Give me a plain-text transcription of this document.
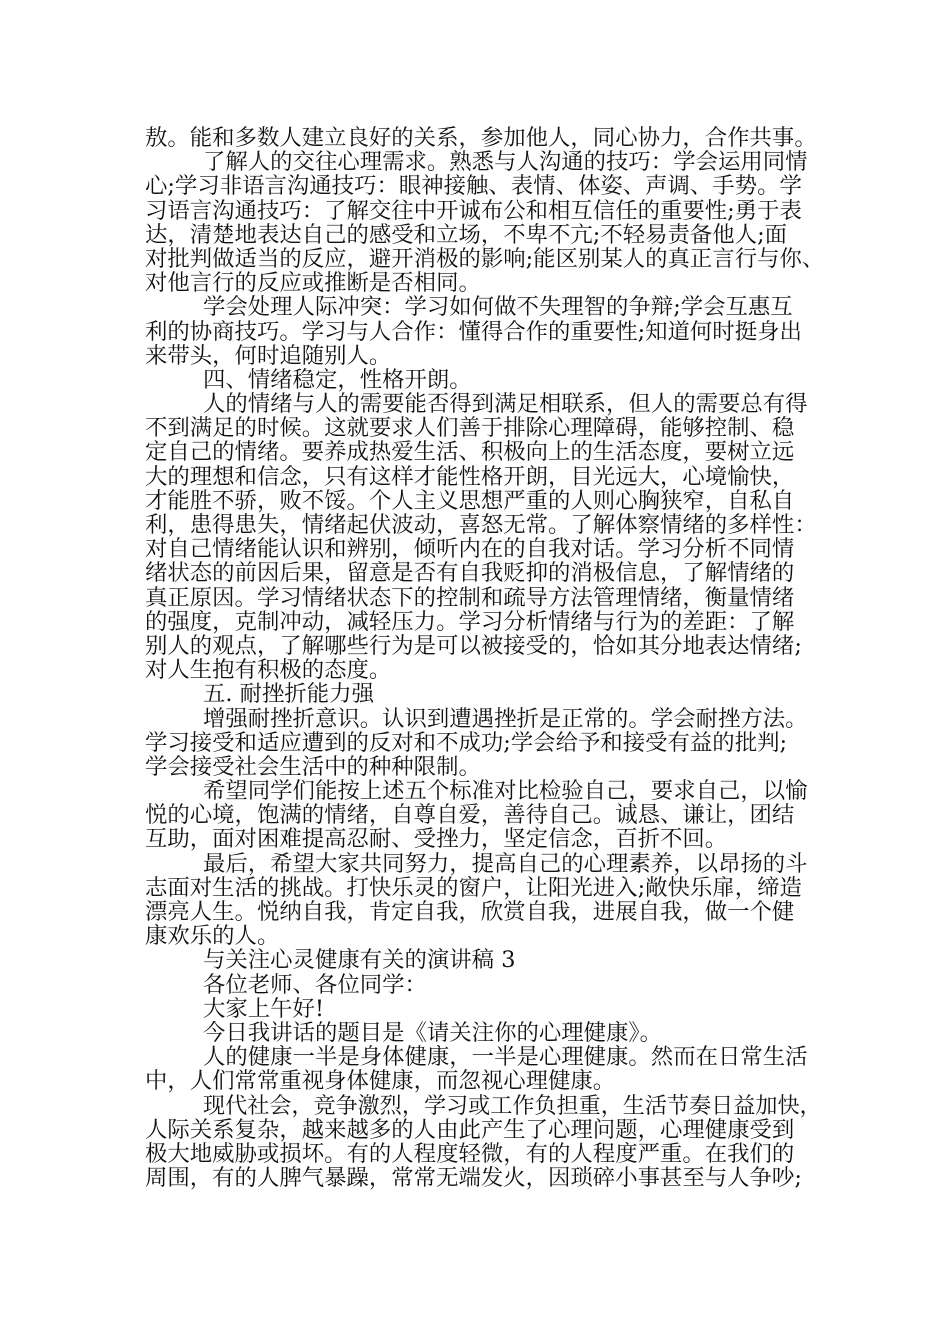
敖。能和多数人建立良好的关系，参加他人，同心协力，合作共事。
了解人的交往心理需求。熟悉与人沟通的技巧：学会运用同情
心;学习非语言沟通技巧：眼神接触、表情、体姿、声调、手势。学
习语言沟通技巧：了解交往中开诚布公和相互信任的重要性;勇于表
达，清楚地表达自己的感受和立场，不卑不亢;不轻易责备他人;面
对批判做适当的反应，避开消极的影响;能区别某人的真正言行与你、
对他言行的反应或推断是否相同。
学会处理人际冲突：学习如何做不失理智的争辩;学会互惠互
利的协商技巧。学习与人合作：懂得合作的重要性;知道何时挺身出
来带头，何时追随别人。
四、情绪稳定，性格开朗。
人的情绪与人的需要能否得到满足相联系，但人的需要总有得
不到满足的时候。这就要求人们善于排除心理障碍，能够控制、稳
定自己的情绪。要养成热爱生活、积极向上的生活态度，要树立远
大的理想和信念，只有这样才能性格开朗，目光远大，心境愉快，
才能胜不骄，败不馁。个人主义思想严重的人则心胸狭窄，自私自
利，患得患失，情绪起伏波动，喜怒无常。了解体察情绪的多样性：
对自己情绪能认识和辨别，倾听内在的自我对话。学习分析不同情
绪状态的前因后果，留意是否有自我贬抑的消极信息，了解情绪的
真正原因。学习情绪状态下的控制和疏导方法管理情绪，衡量情绪
的强度，克制冲动，减轻压力。学习分析情绪与行为的差距：了解
别人的观点，了解哪些行为是可以被接受的，恰如其分地表达情绪;
对人生抱有积极的态度。
五. 耐挫折能力强
增强耐挫折意识。认识到遭遇挫折是正常的。学会耐挫方法。
学习接受和适应遭到的反对和不成功;学会给予和接受有益的批判;
学会接受社会生活中的种种限制。
希望同学们能按上述五个标准对比检验自己，要求自己，以愉
悦的心境，饱满的情绪，自尊自爱，善待自己。诚恳、谦让，团结
互助，面对困难提高忍耐、受挫力，坚定信念，百折不回。
最后，希望大家共同努力，提高自己的心理素养，以昂扬的斗
志面对生活的挑战。打快乐灵的窗户，让阳光进入;敞快乐扉，缔造
漂亮人生。悦纳自我，肯定自我，欣赏自我，进展自我，做一个健
康欢乐的人。
与关注心灵健康有关的演讲稿 3
各位老师、各位同学：
大家上午好!
今日我讲话的题目是《请关注你的心理健康》。
人的健康一半是身体健康，一半是心理健康。然而在日常生活
中，人们常常重视身体健康，而忽视心理健康。
现代社会，竞争激烈，学习或工作负担重，生活节奏日益加快，
人际关系复杂，越来越多的人由此产生了心理问题，心理健康受到
极大地威胁或损坏。有的人程度轻微，有的人程度严重。在我们的
周围，有的人脾气暴躁，常常无端发火，因琐碎小事甚至与人争吵;
